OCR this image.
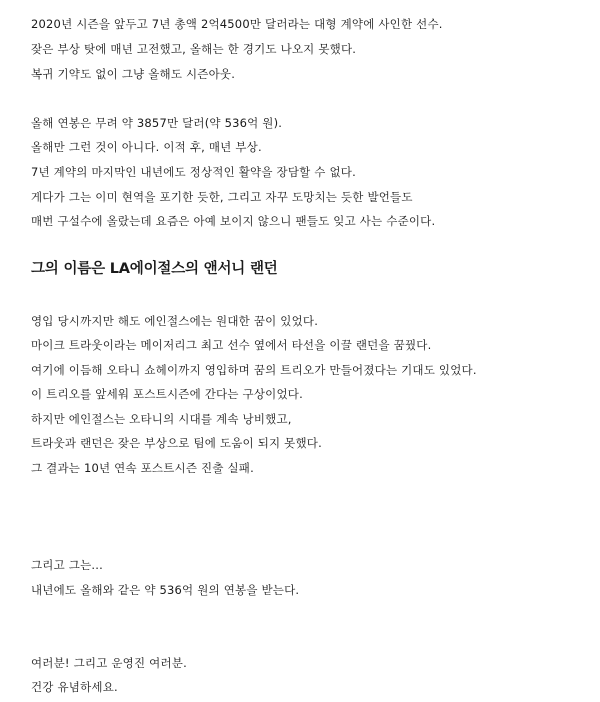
2020년 시즌을 앞두고 7년 총액 2억4500만 달러라는 대형 계약에 사인한 선수.

잦은 부상 탓에 매년 고전했고, 올해는 한 경기도 나오지 못했다.

복귀 기약도 없이 그냥 올해도 시즌아웃.

올해 연봉은 무려 약 3857만 달러(약 536억 원).

올해만 그런 것이 아니다. 이적 후, 매년 부상.

7년 계약의 마지막인 내년에도 정상적인 활약을 장담할 수 없다.

게다가 그는 이미 현역을 포기한 듯한, 그리고 자꾸 도망치는 듯한 발언들도

매번 구설수에 올랐는데 요즘은 아예 보이지 않으니 팬들도 잊고 사는 수준이다.

그의 이름은 LA에이절스의 앤서니 랜던

영입 당시까지만 해도 에인절스에는 원대한 꿈이 있었다.

마이크 트라웃이라는 메이저리그 최고 선수 옆에서 타선을 이끌 랜던을 꿈꿨다.

여기에 이듬해 오타니 쇼헤이까지 영입하며 꿈의 트리오가 만들어졌다는 기대도 있었다.

이 트리오를 앞세워 포스트시즌에 간다는 구상이었다.

하지만 에인절스는 오타니의 시대를 계속 낭비했고,

트라웃과 랜던은 잦은 부상으로 팀에 도움이 되지 못했다.

그 결과는 10년 연속 포스트시즌 진출 실패.

그리고 그는...

내년에도 올해와 같은 약 536억 원의 연봉을 받는다.

여러분! 그리고 운영진 여러분.

건강 유념하세요.
